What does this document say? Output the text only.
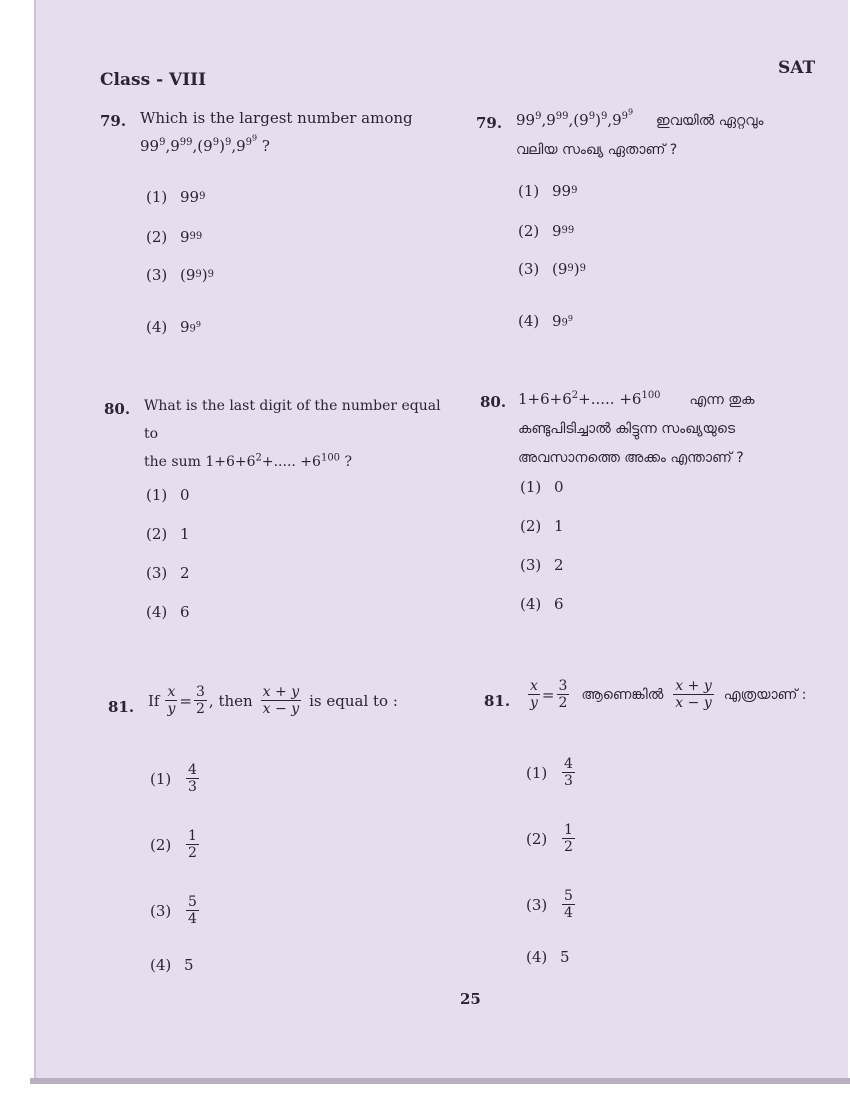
Class - VIII
SAT
79. Which is the largest number among
$99^9,9^{99},(9^9)^9,9^{9^9}$ ?
(1) 99 9
(2) 9 99
(3) (9 9 ) 9
(4) 9 $9^9$
79. $99^9,9^{99},(9^9)^9,9^{9^9}$ ഇവയിൽ ഏറ്റവും
വലിയ സംഖ്യ ഏതാണ് ?
(1) 99 9
(2) 9 99
(3) (9 9 ) 9
(4) 9 $9^9$
80. What is the last digit of the number equal to
the sum $1+6+6^2+$..... $+6^{100}$ ?
(1) 0
(2) 1
(3) 2
(4) 6
80. $1+6+6^2+$..... $+6^{100}$ എന്ന തുക
കണ്ടുപിടിച്ചാൽ കിട്ടുന്ന സംഖ്യയുടെ
അവസാനത്തെ അക്കം എന്താണ് ?
(1) 0
(2) 1
(3) 2
(4) 6
81. If $\frac{x}{y} = \frac{3}{2}$ , then $\frac{x + y}{x - y}$ is equal to :
(1)	$\frac{4}{3}$
(2)	$\frac{1}{2}$
(3)	$\frac{5}{4}$
(4) 5
81. $\frac{x}{y} = \frac{3}{2}$ ആണെങ്കിൽ $\frac{x + y}{x - y}$ എത്രയാണ് :
(1)	$\frac{4}{3}$
(2)	$\frac{1}{2}$
(3)	$\frac{5}{4}$
(4) 5
25
